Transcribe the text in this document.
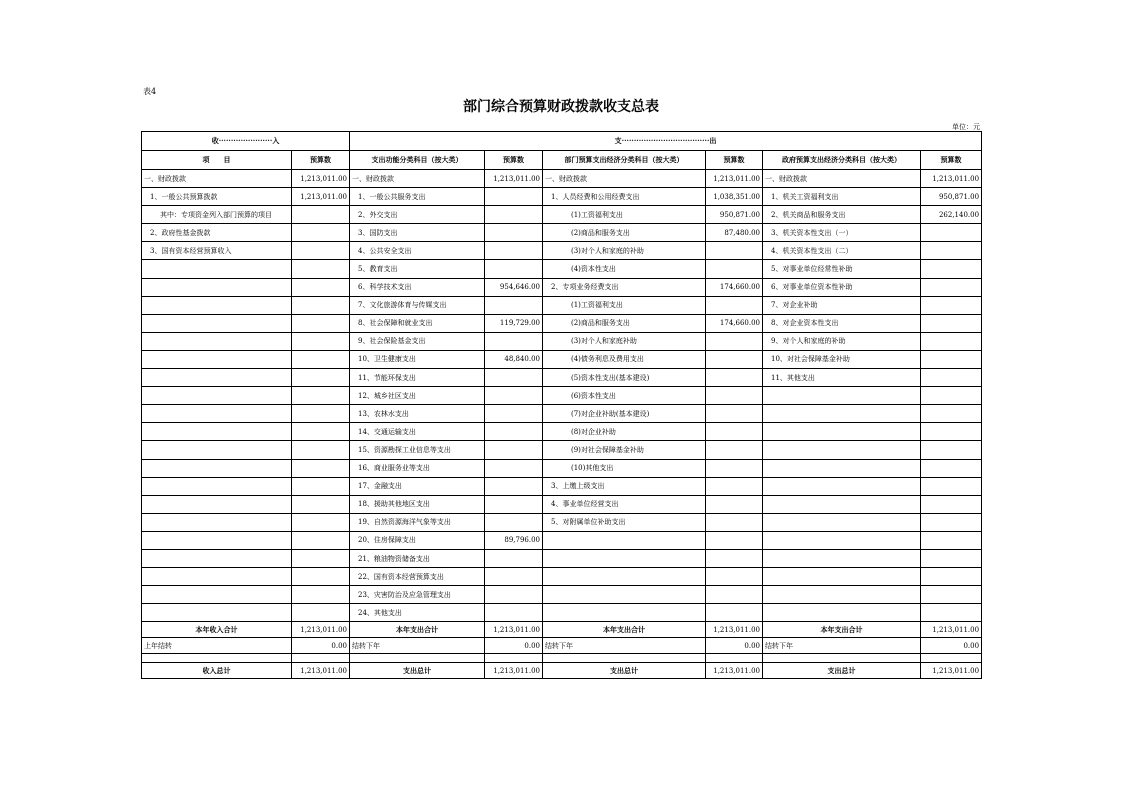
表4
部门综合预算财政拨款收支总表
单位：元
收······················入		支····································出					
项　　目	预算数	支出功能分类科目（按大类）	预算数	部门预算支出经济分类科目（按大类）	预算数	政府预算支出经济分类科目（按大类）	预算数
一、财政拨款	1,213,011.00	一、财政拨款	1,213,011.00	一、财政拨款	1,213,011.00	一、财政拨款	1,213,011.00
1、一般公共预算拨款	1,213,011.00	1、一般公共服务支出		1、人员经费和公用经费支出	1,038,351.00	1、机关工资福利支出	950,871.00
其中：专项资金列入部门预算的项目		2、外交支出		(1)工资福利支出	950,871.00	2、机关商品和服务支出	262,140.00
2、政府性基金拨款		3、国防支出		(2)商品和服务支出	87,480.00	3、机关资本性支出（一）	
3、国有资本经营预算收入		4、公共安全支出		(3)对个人和家庭的补助		4、机关资本性支出（二）	
		5、教育支出		(4)资本性支出		5、对事业单位经常性补助	
		6、科学技术支出	954,646.00	2、专项业务经费支出	174,660.00	6、对事业单位资本性补助	
		7、文化旅游体育与传媒支出		(1)工资福利支出		7、对企业补助	
		8、社会保障和就业支出	119,729.00	(2)商品和服务支出	174,660.00	8、对企业资本性支出	
		9、社会保险基金支出		(3)对个人和家庭补助		9、对个人和家庭的补助	
		10、卫生健康支出	48,840.00	(4)债务利息及费用支出		10、对社会保障基金补助	
		11、节能环保支出		(5)资本性支出(基本建设)		11、其他支出	
		12、城乡社区支出		(6)资本性支出			
		13、农林水支出		(7)对企业补助(基本建设)			
		14、交通运输支出		(8)对企业补助			
		15、资源勘探工业信息等支出		(9)对社会保障基金补助			
		16、商业服务业等支出		(10)其他支出			
		17、金融支出		3、上缴上级支出			
		18、援助其他地区支出		4、事业单位经营支出			
		19、自然资源海洋气象等支出		5、对附属单位补助支出			
		20、住房保障支出	89,796.00				
		21、粮油物资储备支出					
		22、国有资本经营预算支出					
		23、灾害防治及应急管理支出					
		24、其他支出					
本年收入合计	1,213,011.00	本年支出合计	1,213,011.00	本年支出合计	1,213,011.00	本年支出合计	1,213,011.00
上年结转	0.00	结转下年	0.00	结转下年	0.00	结转下年	0.00

收入总计	1,213,011.00	支出总计	1,213,011.00	支出总计	1,213,011.00	支出总计	1,213,011.00
